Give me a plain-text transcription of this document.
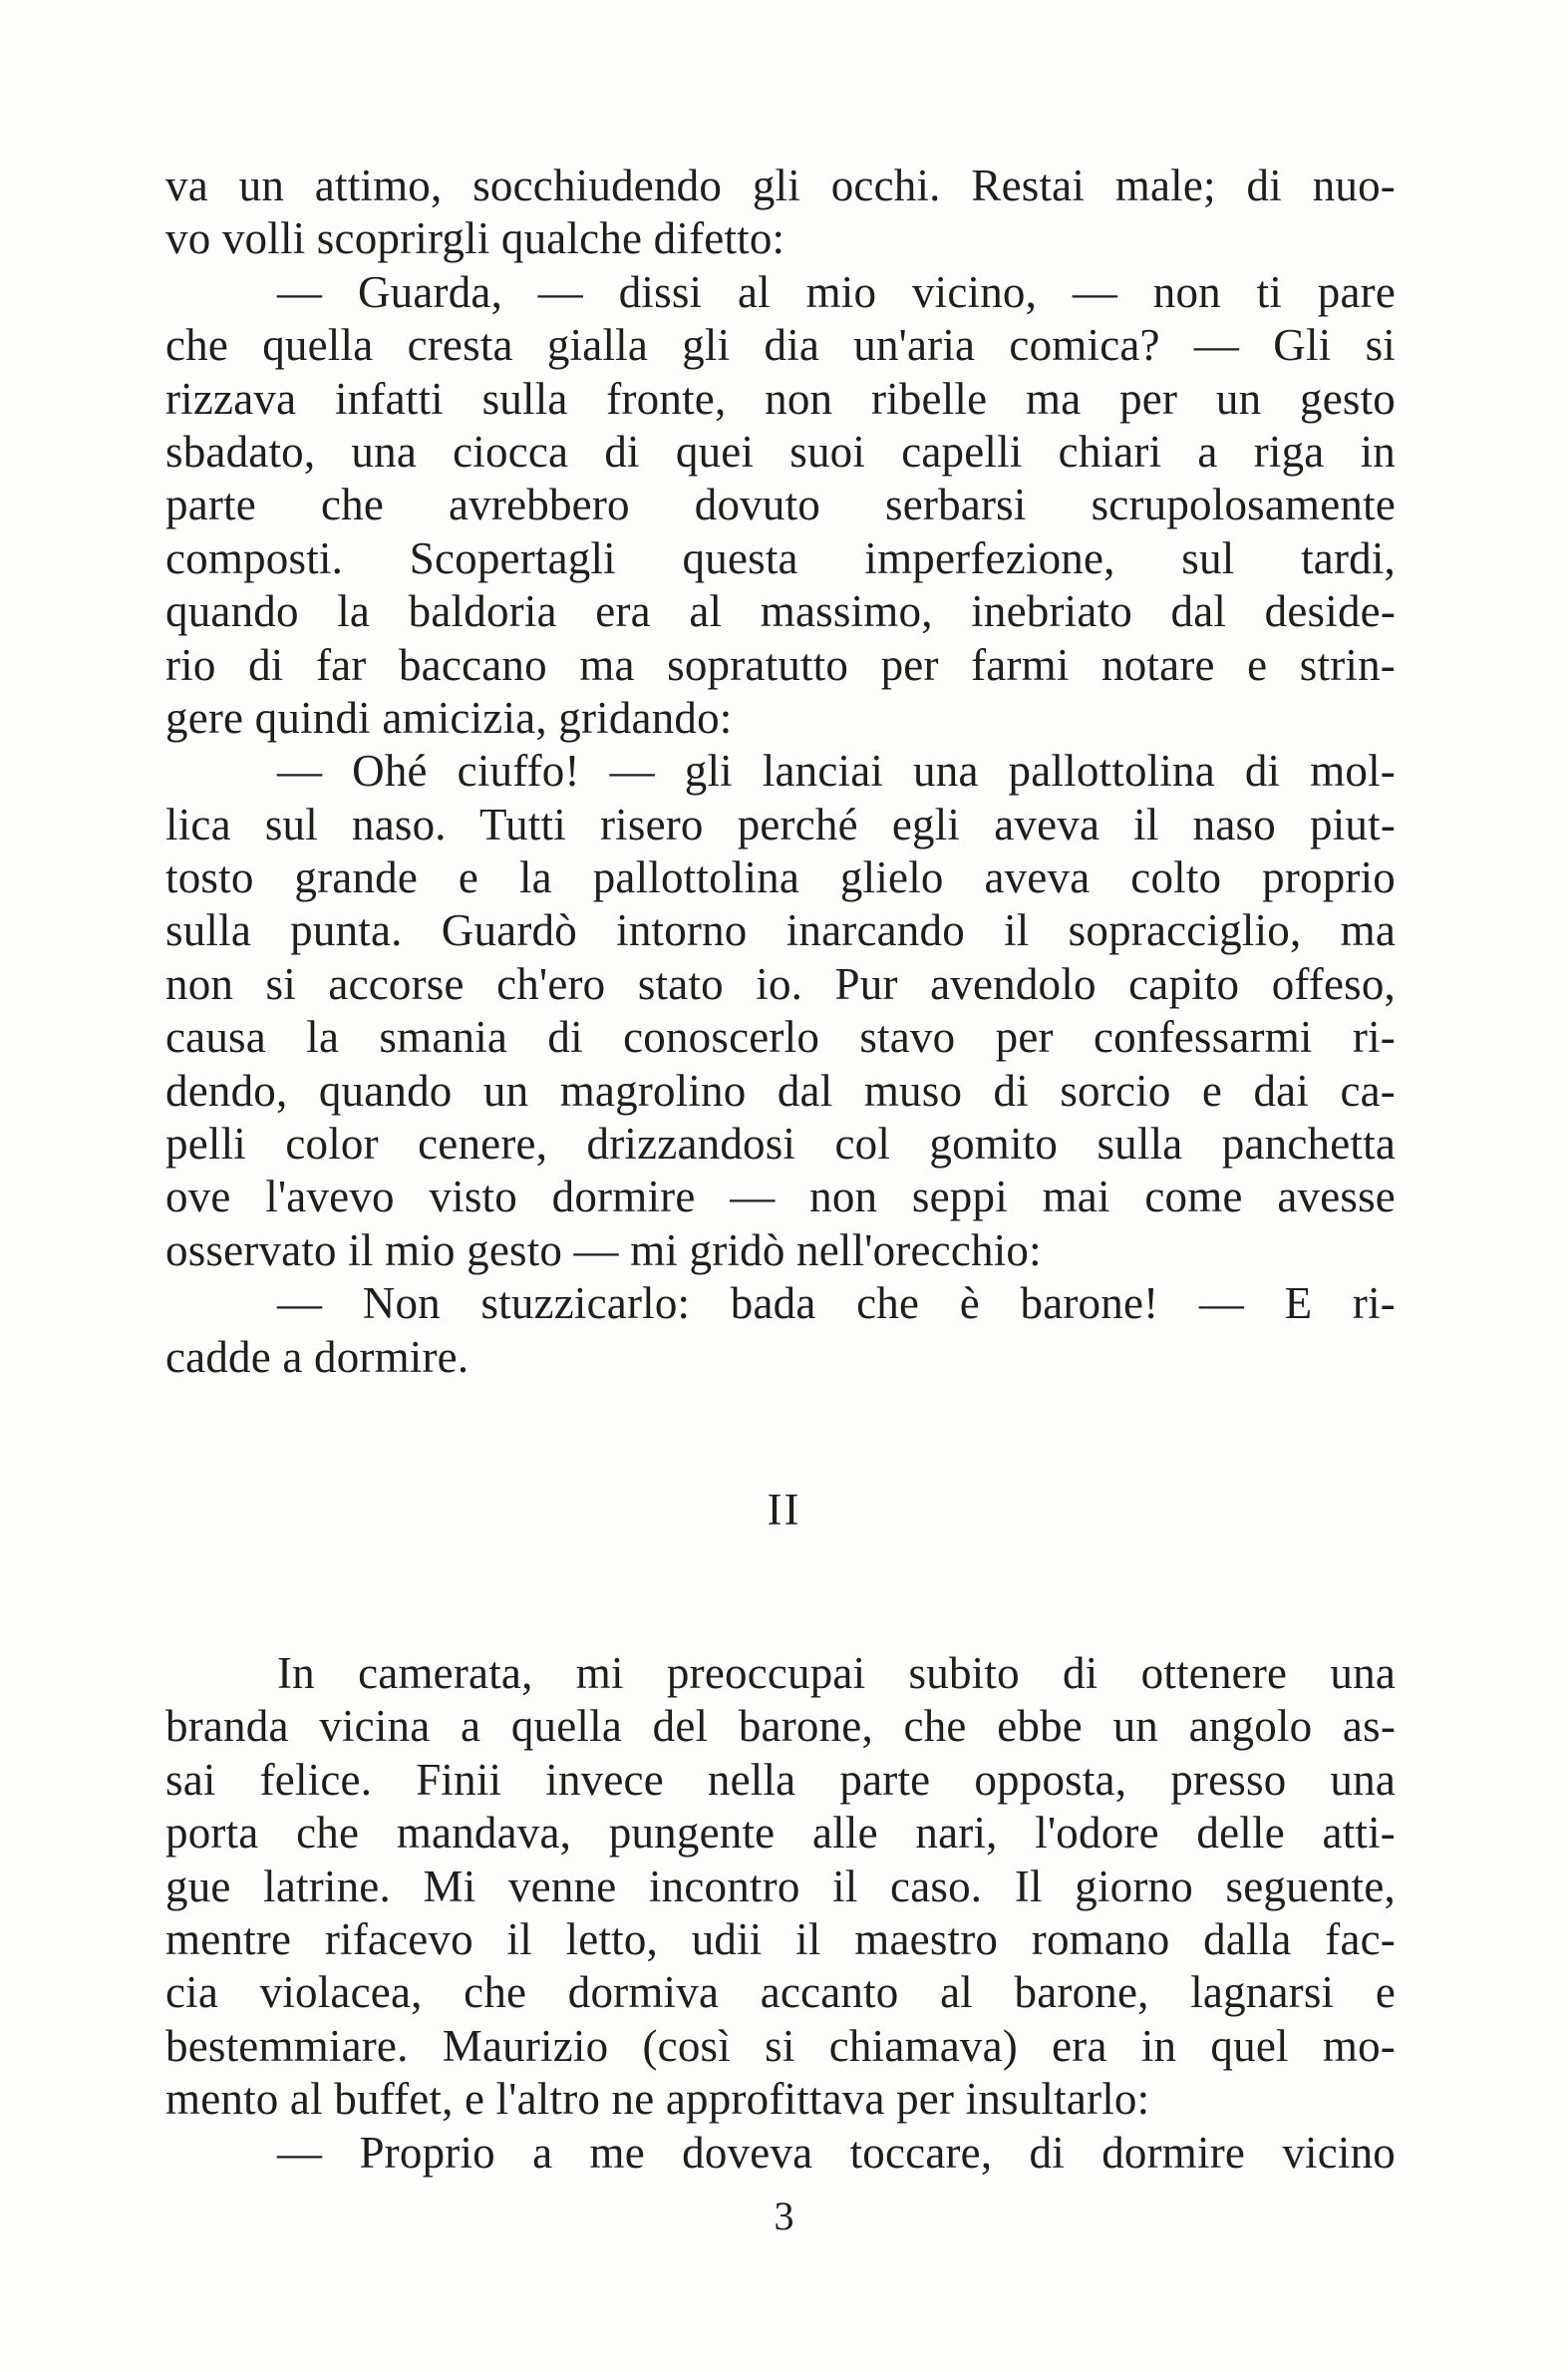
va un attimo, socchiudendo gli occhi. Restai male; di nuo-
vo volli scoprirgli qualche difetto:
— Guarda, — dissi al mio vicino, — non ti pare
che quella cresta gialla gli dia un'aria comica? — Gli si
rizzava infatti sulla fronte, non ribelle ma per un gesto
sbadato, una ciocca di quei suoi capelli chiari a riga in
parte che avrebbero dovuto serbarsi scrupolosamente
composti. Scopertagli questa imperfezione, sul tardi,
quando la baldoria era al massimo, inebriato dal deside-
rio di far baccano ma sopratutto per farmi notare e strin-
gere quindi amicizia, gridando:
— Ohé ciuffo! — gli lanciai una pallottolina di mol-
lica sul naso. Tutti risero perché egli aveva il naso piut-
tosto grande e la pallottolina glielo aveva colto proprio
sulla punta. Guardò intorno inarcando il sopracciglio, ma
non si accorse ch'ero stato io. Pur avendolo capito offeso,
causa la smania di conoscerlo stavo per confessarmi ri-
dendo, quando un magrolino dal muso di sorcio e dai ca-
pelli color cenere, drizzandosi col gomito sulla panchetta
ove l'avevo visto dormire — non seppi mai come avesse
osservato il mio gesto — mi gridò nell'orecchio:
— Non stuzzicarlo: bada che è barone! — E ri-
cadde a dormire.
II
In camerata, mi preoccupai subito di ottenere una
branda vicina a quella del barone, che ebbe un angolo as-
sai felice. Finii invece nella parte opposta, presso una
porta che mandava, pungente alle nari, l'odore delle atti-
gue latrine. Mi venne incontro il caso. Il giorno seguente,
mentre rifacevo il letto, udii il maestro romano dalla fac-
cia violacea, che dormiva accanto al barone, lagnarsi e
bestemmiare. Maurizio (così si chiamava) era in quel mo-
mento al buffet, e l'altro ne approfittava per insultarlo:
— Proprio a me doveva toccare, di dormire vicino
3
